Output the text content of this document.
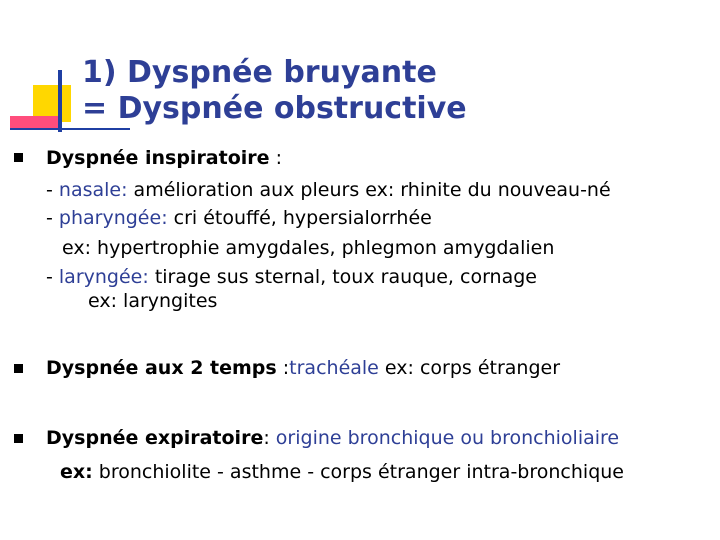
1) Dyspnée bruyante
= Dyspnée obstructive
Dyspnée inspiratoire :
- nasale: amélioration aux pleurs ex: rhinite du nouveau-né
- pharyngée: cri étouffé, hypersialorrhée
ex: hypertrophie amygdales, phlegmon amygdalien
- laryngée: tirage sus sternal, toux rauque, cornage
ex: laryngites
Dyspnée aux 2 temps :trachéale ex: corps étranger
Dyspnée expiratoire: origine bronchique ou bronchioliaire
ex: bronchiolite - asthme - corps étranger intra-bronchique
